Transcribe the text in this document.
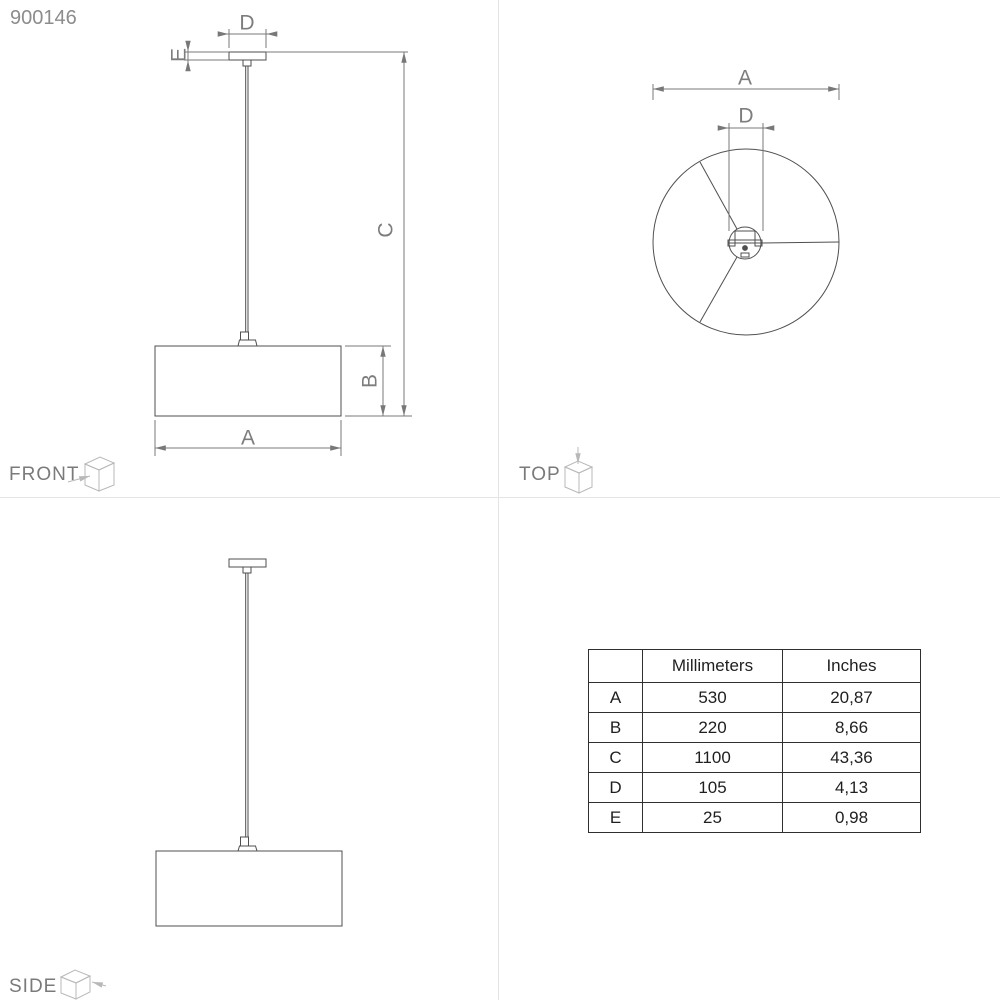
900146	D
E
C
B
A
A
D
FRONT	TOP
SIDE
	Millimeters	Inches
A	530	20,87
B	220	8,66
C	1100	43,36
D	105	4,13
E	25	0,98
